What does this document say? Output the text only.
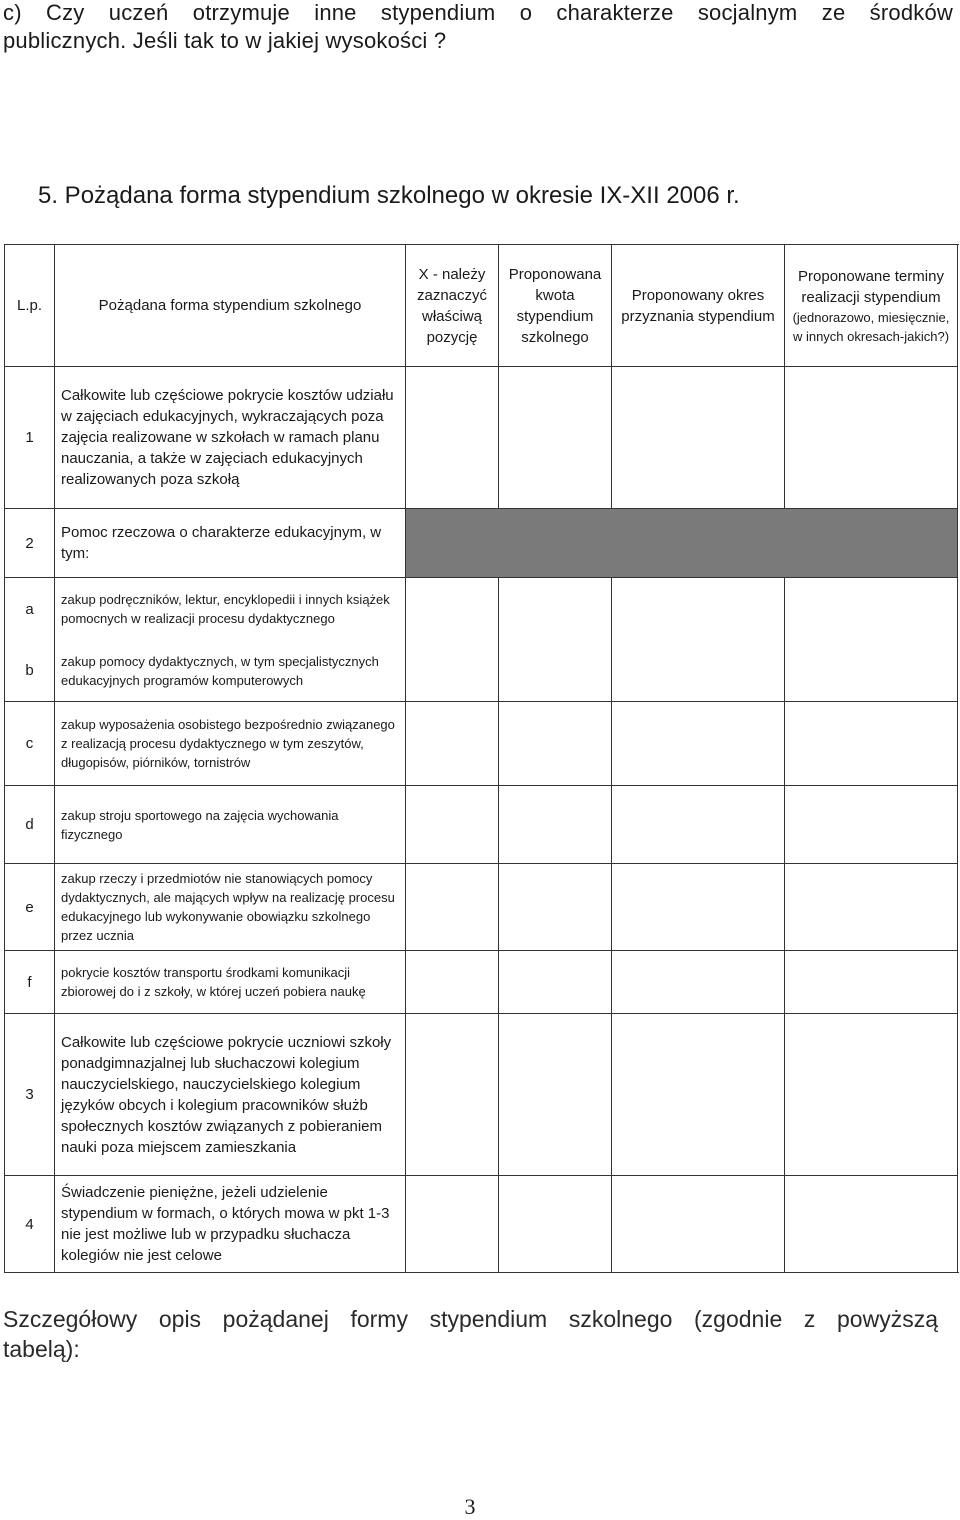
c) Czy uczeń otrzymuje inne stypendium o charakterze socjalnym ze środków
publicznych. Jeśli tak to w jakiej wysokości ?
5. Pożądana forma stypendium szkolnego w okresie IX-XII 2006 r.
L.p.	Pożądana forma stypendium szkolnego
X - należy zaznaczyć właściwą pozycję
Proponowana kwota stypendium szkolnego
Proponowany okres przyznania stypendium
Proponowane terminy realizacji stypendium
(jednorazowo, miesięcznie, w innych okresach-jakich?)
1
Całkowite lub częściowe pokrycie kosztów udziału w zajęciach edukacyjnych, wykraczających poza zajęcia realizowane w szkołach w ramach planu nauczania, a także w zajęciach edukacyjnych realizowanych poza szkołą
2
Pomoc rzeczowa o charakterze edukacyjnym, w tym:
a
zakup podręczników, lektur, encyklopedii i innych książek pomocnych w realizacji procesu dydaktycznego
b
zakup pomocy dydaktycznych, w tym specjalistycznych edukacyjnych programów komputerowych
c
zakup wyposażenia osobistego bezpośrednio związanego z realizacją procesu dydaktycznego w tym zeszytów, długopisów, piórników, tornistrów
d
zakup stroju sportowego na zajęcia wychowania fizycznego
e
zakup rzeczy i przedmiotów nie stanowiących pomocy dydaktycznych, ale mających wpływ na realizację procesu edukacyjnego lub wykonywanie obowiązku szkolnego przez ucznia
f
pokrycie kosztów transportu środkami komunikacji zbiorowej do i z szkoły, w której uczeń pobiera naukę
3
Całkowite lub częściowe pokrycie uczniowi szkoły ponadgimnazjalnej lub słuchaczowi kolegium nauczycielskiego, nauczycielskiego kolegium języków obcych i kolegium pracowników służb społecznych kosztów związanych z pobieraniem nauki poza miejscem zamieszkania
4
Świadczenie pieniężne, jeżeli udzielenie stypendium w formach, o których mowa w pkt 1-3 nie jest możliwe lub w przypadku słuchacza kolegiów nie jest celowe
Szczegółowy opis pożądanej formy stypendium szkolnego (zgodnie z powyższą
tabelą):
3
